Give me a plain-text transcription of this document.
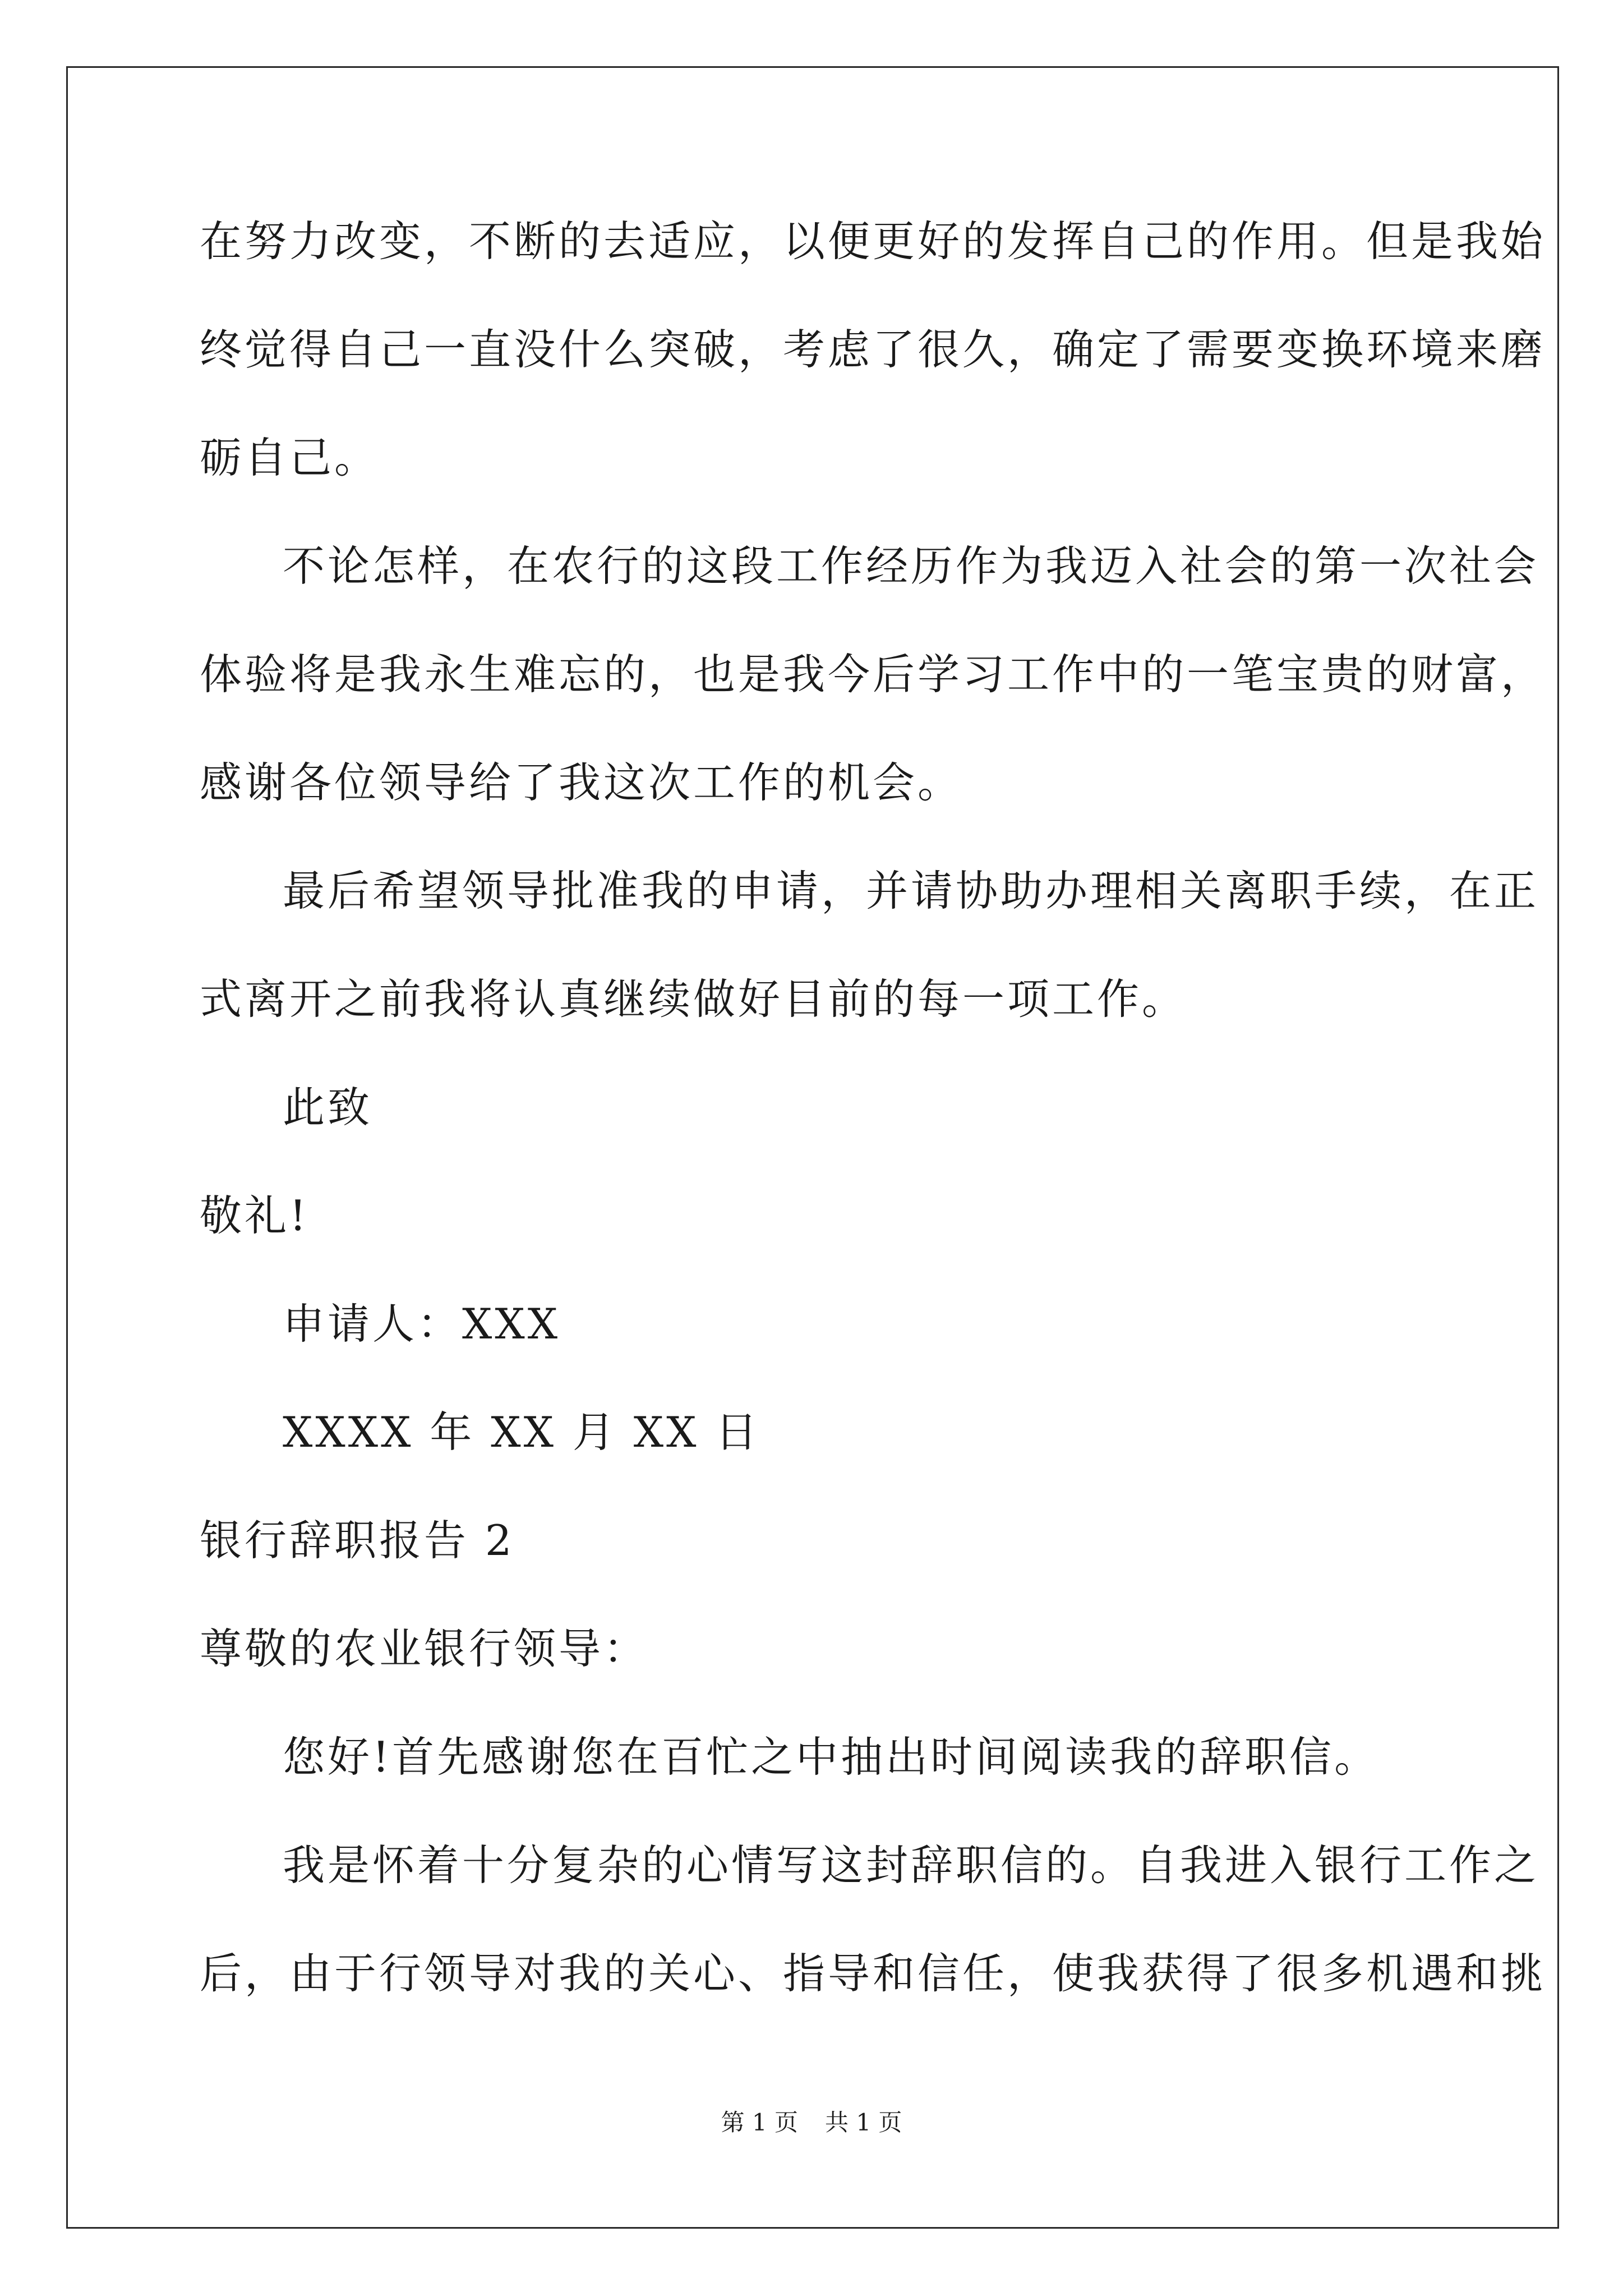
在努力改变，不断的去适应，以便更好的发挥自己的作用。但是我始
终觉得自己一直没什么突破，考虑了很久，确定了需要变换环境来磨
砺自己。
不论怎样，在农行的这段工作经历作为我迈入社会的第一次社会
体验将是我永生难忘的，也是我今后学习工作中的一笔宝贵的财富，
感谢各位领导给了我这次工作的机会。
最后希望领导批准我的申请，并请协助办理相关离职手续，在正
式离开之前我将认真继续做好目前的每一项工作。
此致
敬礼!
申请人：XXX
XXXX 年 XX 月 XX 日
银行辞职报告 2
尊敬的农业银行领导：
您好!首先感谢您在百忙之中抽出时间阅读我的辞职信。
我是怀着十分复杂的心情写这封辞职信的。自我进入银行工作之
后，由于行领导对我的关心、指导和信任，使我获得了很多机遇和挑
第 1 页 共 1 页
